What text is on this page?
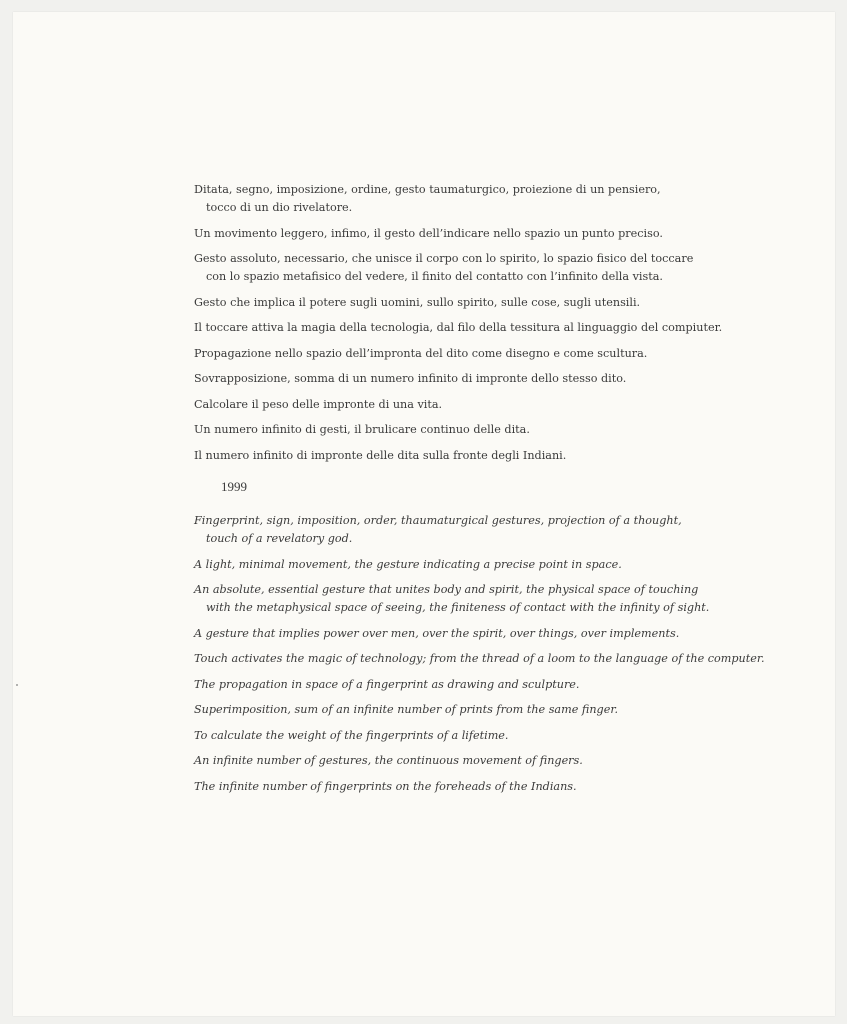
Ditata, segno, imposizione, ordine, gesto taumaturgico, proiezione di un pensiero,
tocco di un dio rivelatore.

Un movimento leggero, infimo, il gesto dell’indicare nello spazio un punto preciso.

Gesto assoluto, necessario, che unisce il corpo con lo spirito, lo spazio fisico del toccare
con lo spazio metafisico del vedere, il finito del contatto con l’infinito della vista.

Gesto che implica il potere sugli uomini, sullo spirito, sulle cose, sugli utensili.

Il toccare attiva la magia della tecnologia, dal filo della tessitura al linguaggio del compiuter.

Propagazione nello spazio dell’impronta del dito come disegno e come scultura.

Sovrapposizione, somma di un numero infinito di impronte dello stesso dito.

Calcolare il peso delle impronte di una vita.

Un numero infinito di gesti, il brulicare continuo delle dita.

Il numero infinito di impronte delle dita sulla fronte degli Indiani.

1999

Fingerprint, sign, imposition, order, thaumaturgical gestures, projection of a thought,
touch of a revelatory god.

A light, minimal movement, the gesture indicating a precise point in space.

An absolute, essential gesture that unites body and spirit, the physical space of touching
with the metaphysical space of seeing, the finiteness of contact with the infinity of sight.

A gesture that implies power over men, over the spirit, over things, over implements.

Touch activates the magic of technology; from the thread of a loom to the language of the computer.

The propagation in space of a fingerprint as drawing and sculpture.

Superimposition, sum of an infinite number of prints from the same finger.

To calculate the weight of the fingerprints of a lifetime.

An infinite number of gestures, the continuous movement of fingers.

The infinite number of fingerprints on the foreheads of the Indians.
